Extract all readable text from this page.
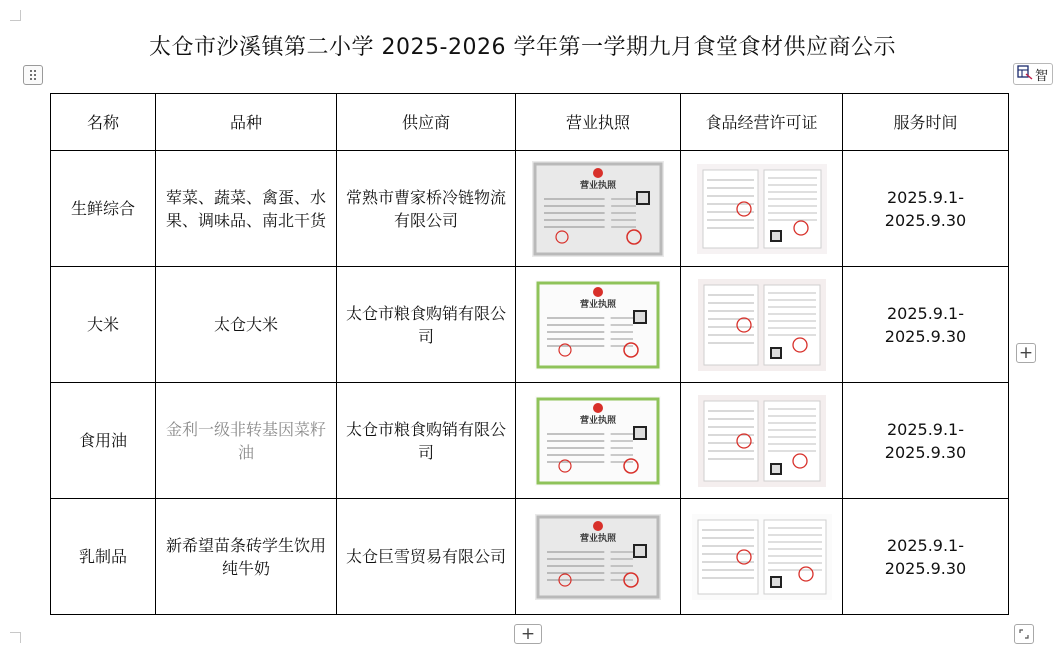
太仓市沙溪镇第二小学 2025-2026 学年第一学期九月食堂食材供应商公示
智
名称	品种	供应商	营业执照	食品经营许可证	服务时间
生鲜综合	荤菜、蔬菜、禽蛋、水果、调味品、南北干货	常熟市曹家桥冷链物流有限公司	营业执照		2025.9.1-2025.9.30
大米	太仓大米	太仓市粮食购销有限公司	营业执照		2025.9.1-2025.9.30
食用油	金利一级非转基因菜籽油	太仓市粮食购销有限公司	营业执照		2025.9.1-2025.9.30
乳制品	新希望苗条砖学生饮用纯牛奶	太仓巨雪贸易有限公司	营业执照		2025.9.1-2025.9.30
+
+
